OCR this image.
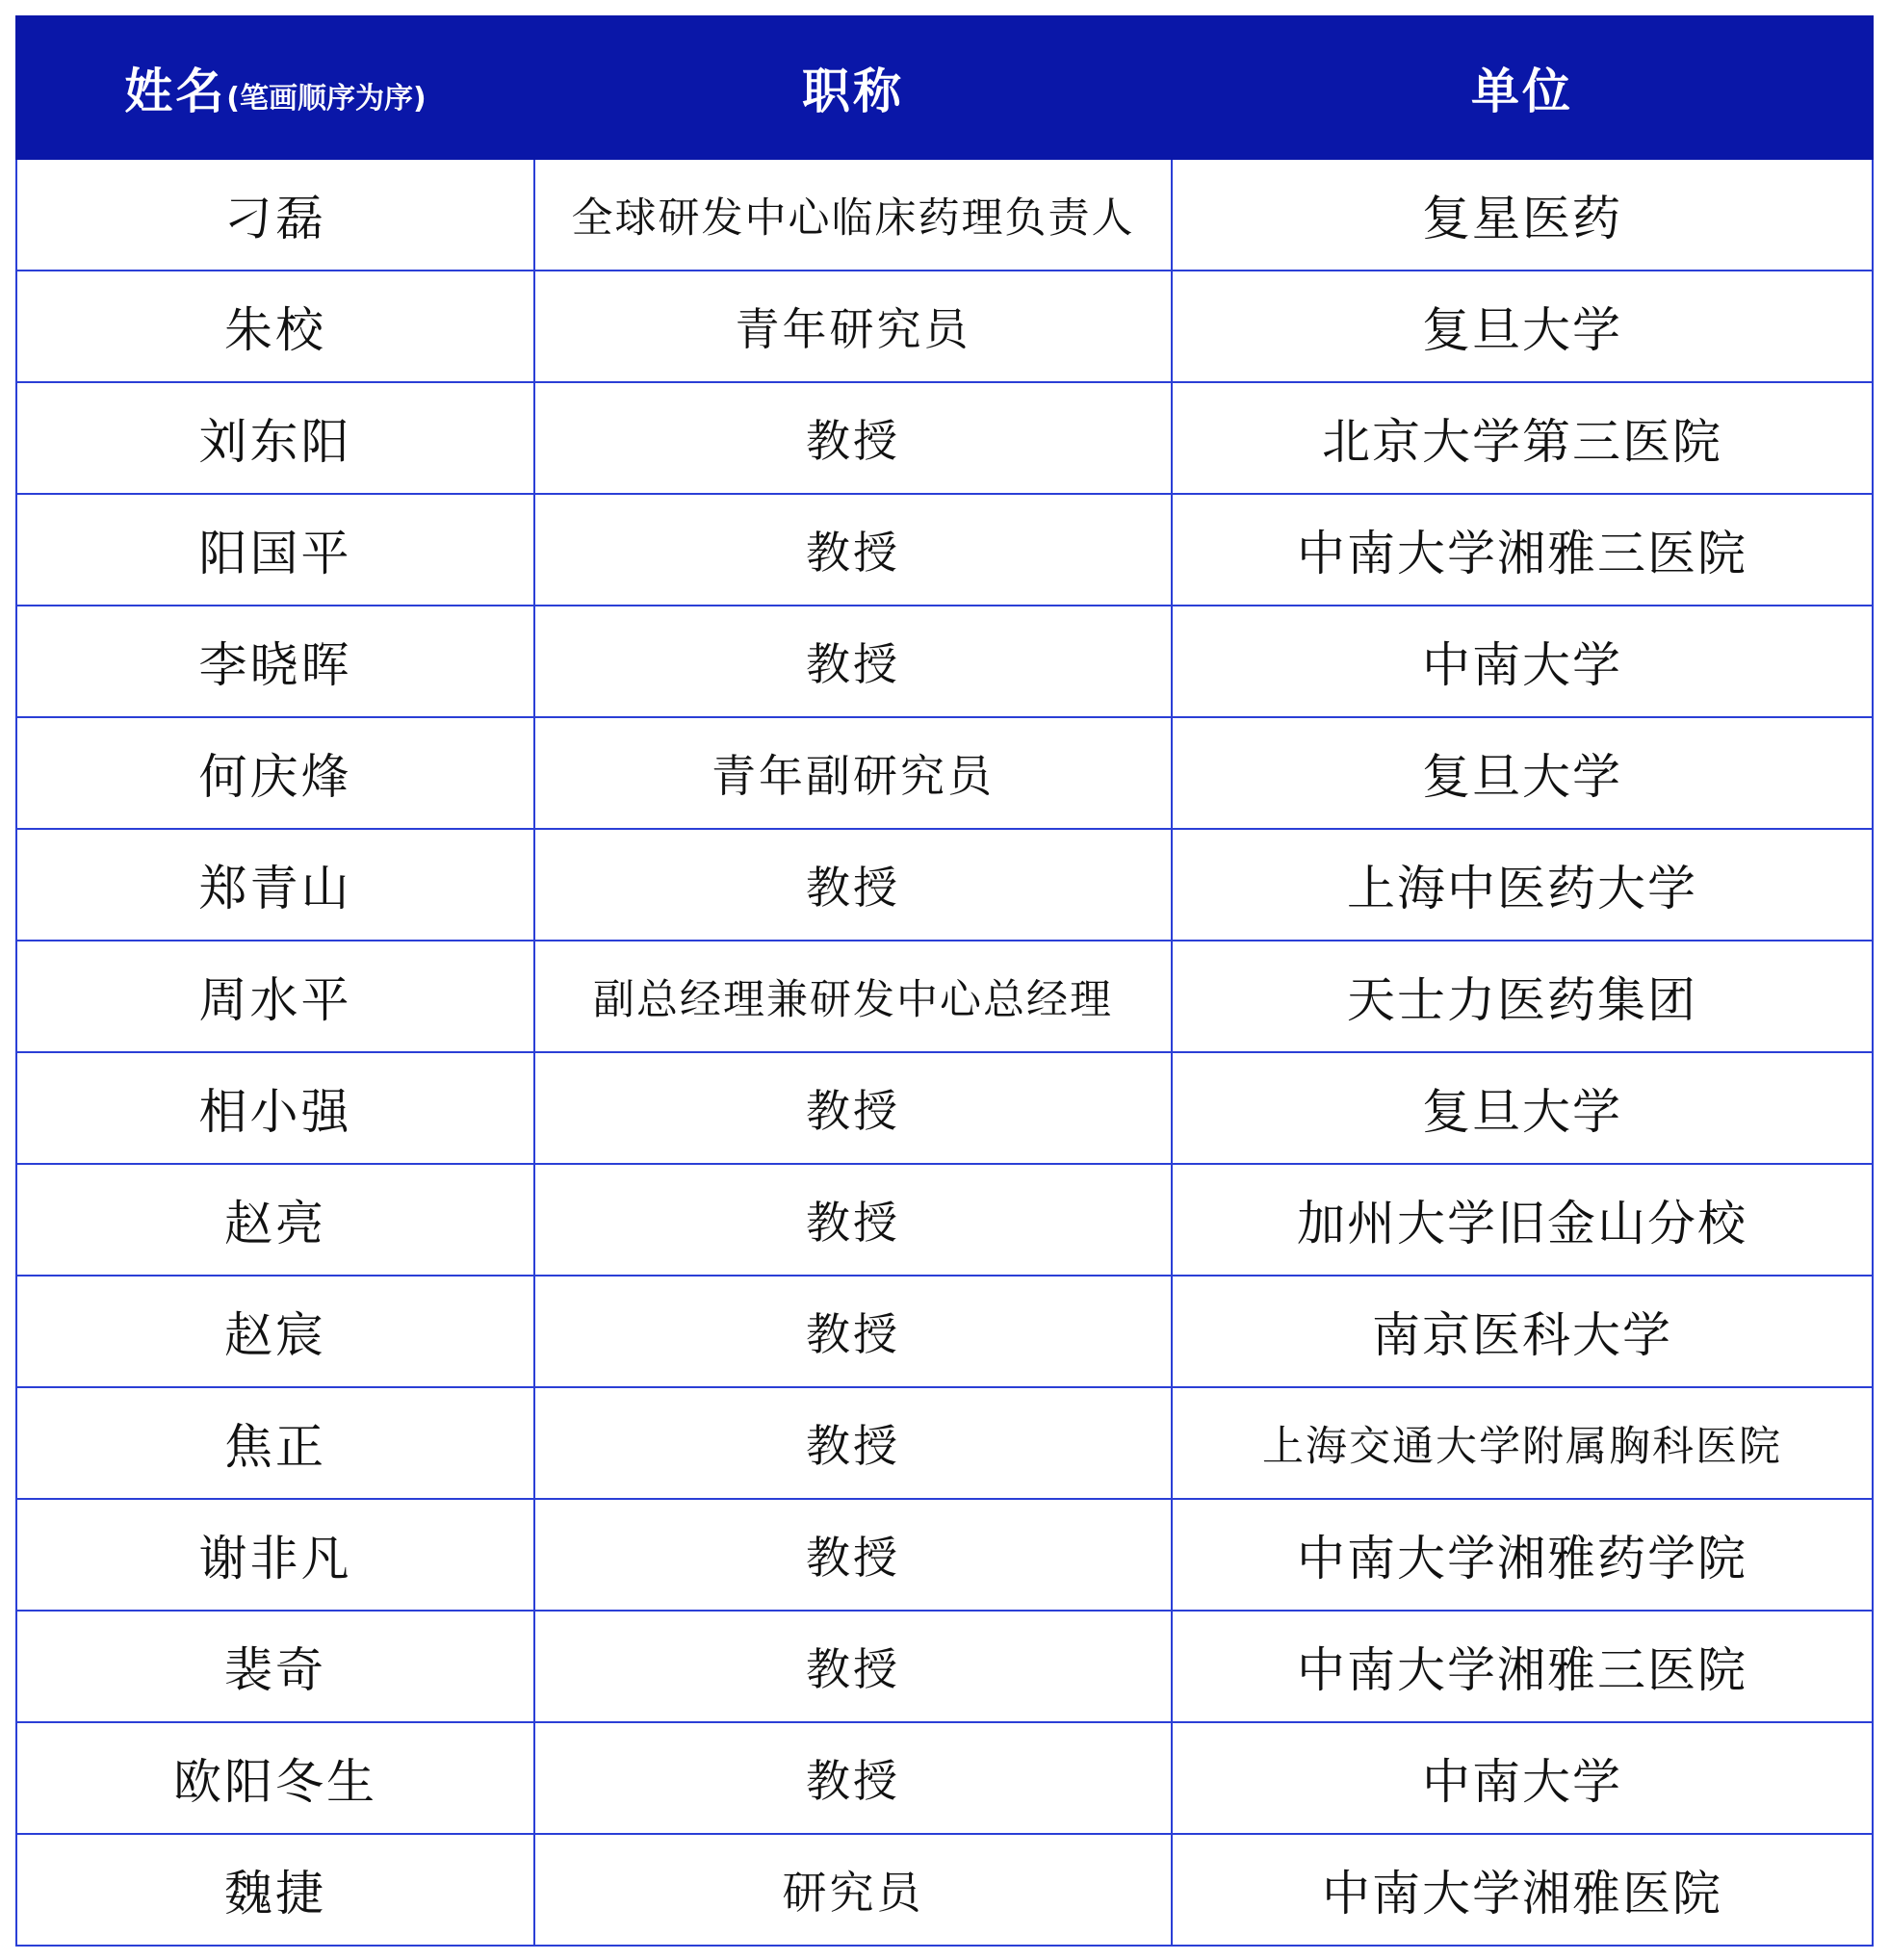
姓名(笔画顺序为序)	职称	单位
刁磊	全球研发中心临床药理负责人	复星医药
朱校	青年研究员	复旦大学
刘东阳	教授	北京大学第三医院
阳国平	教授	中南大学湘雅三医院
李晓晖	教授	中南大学
何庆烽	青年副研究员	复旦大学
郑青山	教授	上海中医药大学
周水平	副总经理兼研发中心总经理	天士力医药集团
相小强	教授	复旦大学
赵亮	教授	加州大学旧金山分校
赵宸	教授	南京医科大学
焦正	教授	上海交通大学附属胸科医院
谢非凡	教授	中南大学湘雅药学院
裴奇	教授	中南大学湘雅三医院
欧阳冬生	教授	中南大学
魏捷	研究员	中南大学湘雅医院
